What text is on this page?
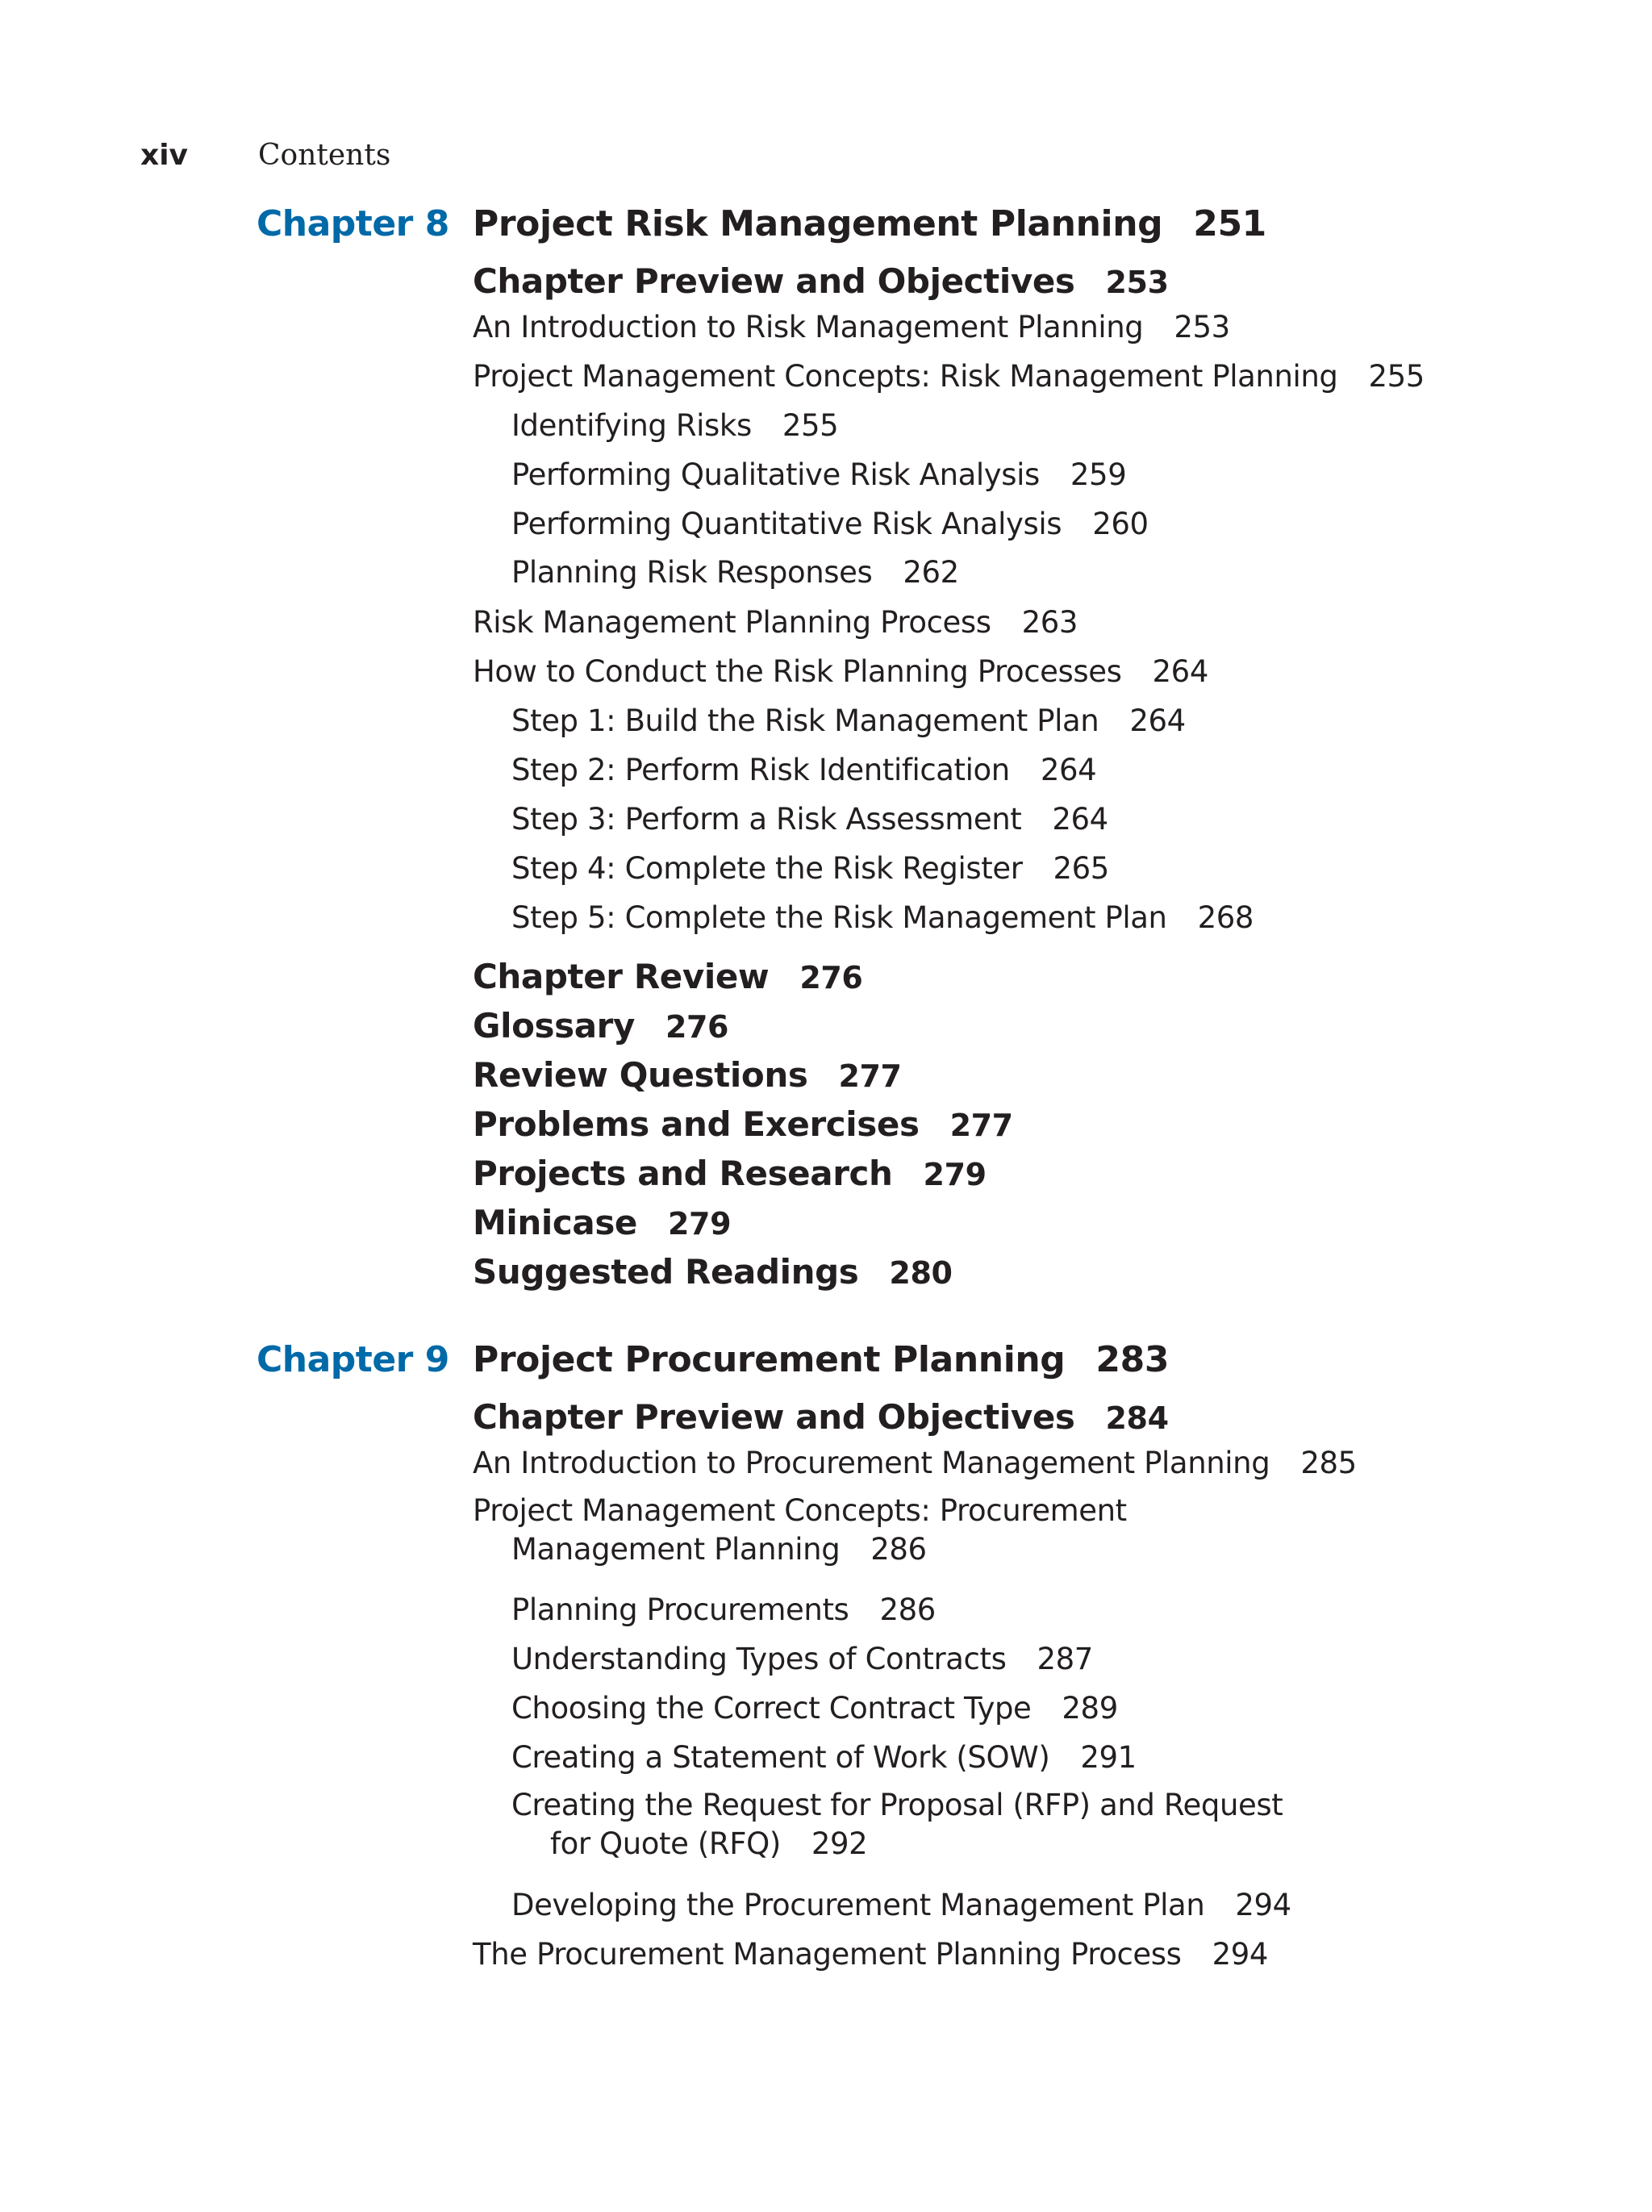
xiv	Contents
Chapter 8 Project Risk Management Planning 251
Chapter Preview and Objectives 253
An Introduction to Risk Management Planning 253
Project Management Concepts: Risk Management Planning 255
Identifying Risks 255
Performing Qualitative Risk Analysis 259
Performing Quantitative Risk Analysis 260
Planning Risk Responses 262
Risk Management Planning Process 263
How to Conduct the Risk Planning Processes 264
Step 1: Build the Risk Management Plan 264
Step 2: Perform Risk Identification 264
Step 3: Perform a Risk Assessment 264
Step 4: Complete the Risk Register 265
Step 5: Complete the Risk Management Plan 268
Chapter Review 276
Glossary 276
Review Questions 277
Problems and Exercises 277
Projects and Research 279
Minicase 279
Suggested Readings 280
Chapter 9 Project Procurement Planning 283
Chapter Preview and Objectives 284
An Introduction to Procurement Management Planning 285
Project Management Concepts: Procurement
Management Planning 286
Planning Procurements 286
Understanding Types of Contracts 287
Choosing the Correct Contract Type 289
Creating a Statement of Work (SOW) 291
Creating the Request for Proposal (RFP) and Request
for Quote (RFQ) 292
Developing the Procurement Management Plan 294
The Procurement Management Planning Process 294
